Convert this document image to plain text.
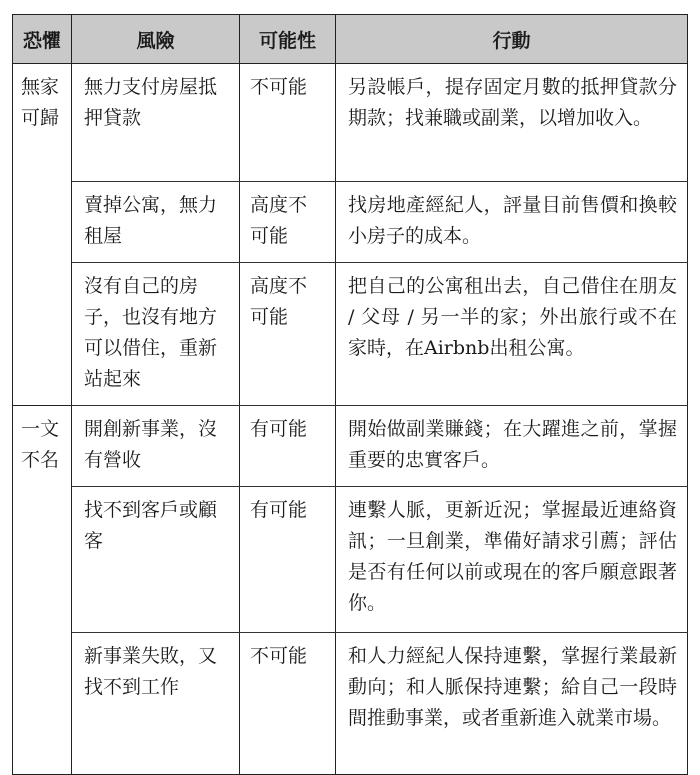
恐懼	風險	可能性	行動
無家可歸	無力支付房屋抵押貸款	不可能	另設帳戶，提存固定月數的抵押貸款分期款；找兼職或副業，以增加收入。
	賣掉公寓，無力租屋	高度不可能	找房地產經紀人，評量目前售價和換較小房子的成本。
	沒有自己的房子，也沒有地方可以借住，重新站起來	高度不可能	把自己的公寓租出去，自己借住在朋友 / 父母 / 另一半的家；外出旅行或不在家時，在Airbnb出租公寓。
一文不名	開創新事業，沒有營收	有可能	開始做副業賺錢；在大躍進之前，掌握重要的忠實客戶。
	找不到客戶或顧客	有可能	連繫人脈，更新近況；掌握最近連絡資訊；一旦創業，準備好請求引薦；評估是否有任何以前或現在的客戶願意跟著你。
	新事業失敗，又找不到工作	不可能	和人力經紀人保持連繫，掌握行業最新動向；和人脈保持連繫；給自己一段時間推動事業，或者重新進入就業市場。
